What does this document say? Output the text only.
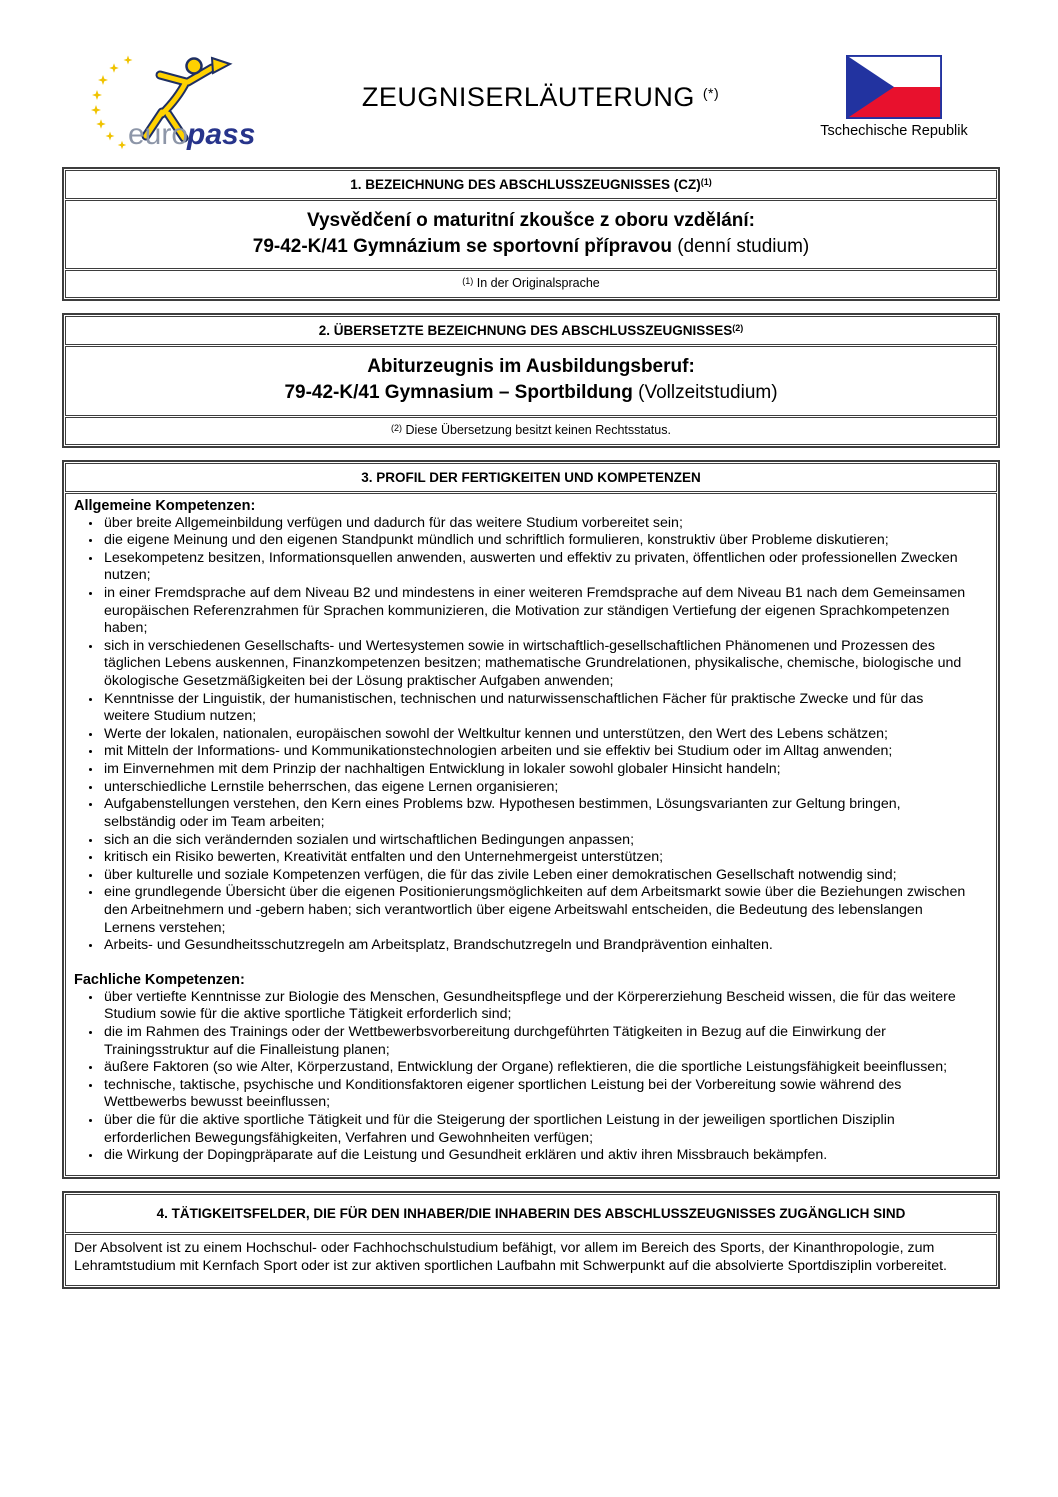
euro
pass
ZEUGNISERLÄUTERUNG (*)
Tschechische Republik
1. BEZEICHNUNG DES ABSCHLUSSZEUGNISSES (CZ)$^{(1)}$
Vysvědčení o maturitní zkoušce z oboru vzdělání:
79-42-K/41 Gymnázium se sportovní přípravou (denní studium)
$^{(1)}$ In der Originalsprache
2. ÜBERSETZTE BEZEICHNUNG DES ABSCHLUSSZEUGNISSES$^{(2)}$
Abiturzeugnis im Ausbildungsberuf:
79-42-K/41 Gymnasium – Sportbildung (Vollzeitstudium)
$^{(2)}$ Diese Übersetzung besitzt keinen Rechtsstatus.
3. PROFIL DER FERTIGKEITEN UND KOMPETENZEN
Allgemeine Kompetenzen:
• über breite Allgemeinbildung verfügen und dadurch für das weitere Studium vorbereitet sein;
• die eigene Meinung und den eigenen Standpunkt mündlich und schriftlich formulieren, konstruktiv über Probleme diskutieren;
• Lesekompetenz besitzen, Informationsquellen anwenden, auswerten und effektiv zu privaten, öffentlichen oder professionellen Zwecken nutzen;
• in einer Fremdsprache auf dem Niveau B2 und mindestens in einer weiteren Fremdsprache auf dem Niveau B1 nach dem Gemeinsamen europäischen Referenzrahmen für Sprachen kommunizieren, die Motivation zur ständigen Vertiefung der eigenen Sprachkompetenzen haben;
• sich in verschiedenen Gesellschafts- und Wertesystemen sowie in wirtschaftlich-gesellschaftlichen Phänomenen und Prozessen des täglichen Lebens auskennen, Finanzkompetenzen besitzen; mathematische Grundrelationen, physikalische, chemische, biologische und ökologische Gesetzmäßigkeiten bei der Lösung praktischer Aufgaben anwenden;
• Kenntnisse der Linguistik, der humanistischen, technischen und naturwissenschaftlichen Fächer für praktische Zwecke und für das weitere Studium nutzen;
• Werte der lokalen, nationalen, europäischen sowohl der Weltkultur kennen und unterstützen, den Wert des Lebens schätzen;
• mit Mitteln der Informations- und Kommunikationstechnologien arbeiten und sie effektiv bei Studium oder im Alltag anwenden;
• im Einvernehmen mit dem Prinzip der nachhaltigen Entwicklung in lokaler sowohl globaler Hinsicht handeln;
• unterschiedliche Lernstile beherrschen, das eigene Lernen organisieren;
• Aufgabenstellungen verstehen, den Kern eines Problems bzw. Hypothesen bestimmen, Lösungsvarianten zur Geltung bringen, selbständig oder im Team arbeiten;
• sich an die sich verändernden sozialen und wirtschaftlichen Bedingungen anpassen;
• kritisch ein Risiko bewerten, Kreativität entfalten und den Unternehmergeist unterstützen;
• über kulturelle und soziale Kompetenzen verfügen, die für das zivile Leben einer demokratischen Gesellschaft notwendig sind;
• eine grundlegende Übersicht über die eigenen Positionierungsmöglichkeiten auf dem Arbeitsmarkt sowie über die Beziehungen zwischen den Arbeitnehmern und -gebern haben; sich verantwortlich über eigene Arbeitswahl entscheiden, die Bedeutung des lebenslangen Lernens verstehen;
• Arbeits- und Gesundheitsschutzregeln am Arbeitsplatz, Brandschutzregeln und Brandprävention einhalten.
Fachliche Kompetenzen:
• über vertiefte Kenntnisse zur Biologie des Menschen, Gesundheitspflege und der Körpererziehung Bescheid wissen, die für das weitere Studium sowie für die aktive sportliche Tätigkeit erforderlich sind;
• die im Rahmen des Trainings oder der Wettbewerbsvorbereitung durchgeführten Tätigkeiten in Bezug auf die Einwirkung der Trainingsstruktur auf die Finalleistung planen;
• äußere Faktoren (so wie Alter, Körperzustand, Entwicklung der Organe) reflektieren, die die sportliche Leistungsfähigkeit beeinflussen;
• technische, taktische, psychische und Konditionsfaktoren eigener sportlichen Leistung bei der Vorbereitung sowie während des Wettbewerbs bewusst beeinflussen;
• über die für die aktive sportliche Tätigkeit und für die Steigerung der sportlichen Leistung in der jeweiligen sportlichen Disziplin erforderlichen Bewegungsfähigkeiten, Verfahren und Gewohnheiten verfügen;
• die Wirkung der Dopingpräparate auf die Leistung und Gesundheit erklären und aktiv ihren Missbrauch bekämpfen.
4. TÄTIGKEITSFELDER, DIE FÜR DEN INHABER/DIE INHABERIN DES ABSCHLUSSZEUGNISSES ZUGÄNGLICH SIND
Der Absolvent ist zu einem Hochschul- oder Fachhochschulstudium befähigt, vor allem im Bereich des Sports, der Kinanthropologie, zum Lehramtstudium mit Kernfach Sport oder ist zur aktiven sportlichen Laufbahn mit Schwerpunkt auf die absolvierte Sportdisziplin vorbereitet.
